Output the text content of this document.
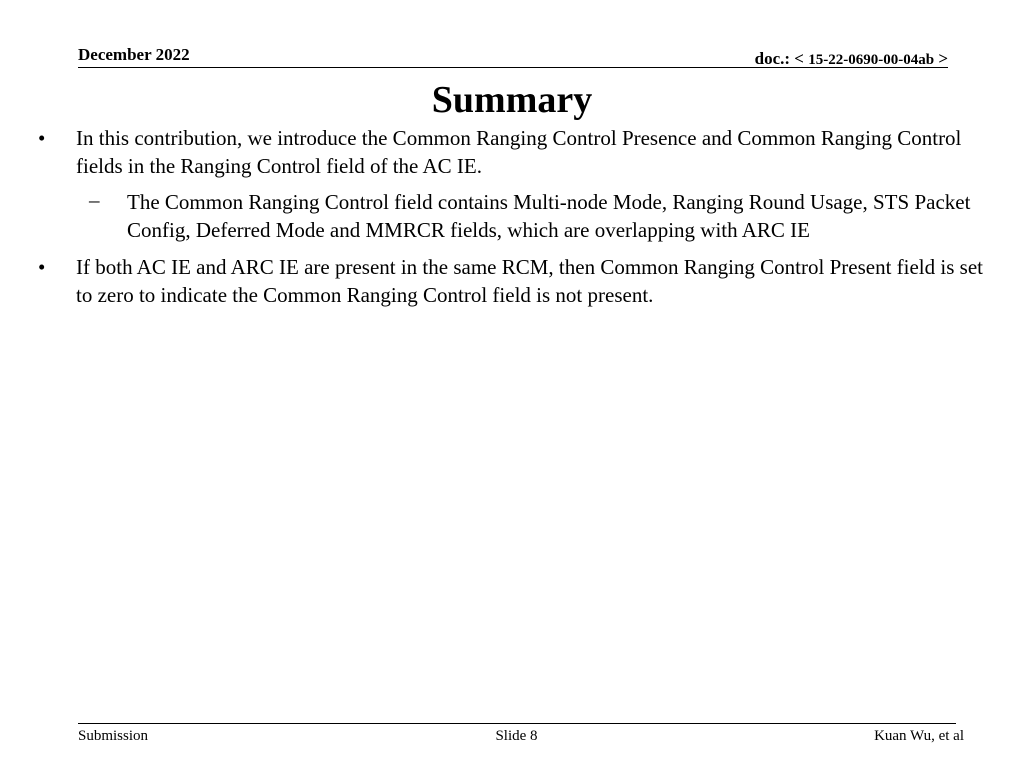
December 2022	doc.: < 15-22-0690-00-04ab >
Summary
• In this contribution, we introduce the Common Ranging Control Presence and Common Ranging Control fields in the Ranging Control field of the AC IE.
– The Common Ranging Control field contains Multi-node Mode, Ranging Round Usage, STS Packet Config, Deferred Mode and MMRCR fields, which are overlapping with ARC IE
• If both AC IE and ARC IE are present in the same RCM, then Common Ranging Control Present field is set to zero to indicate the Common Ranging Control field is not present.
Submission	Slide 8	Kuan Wu, et al
